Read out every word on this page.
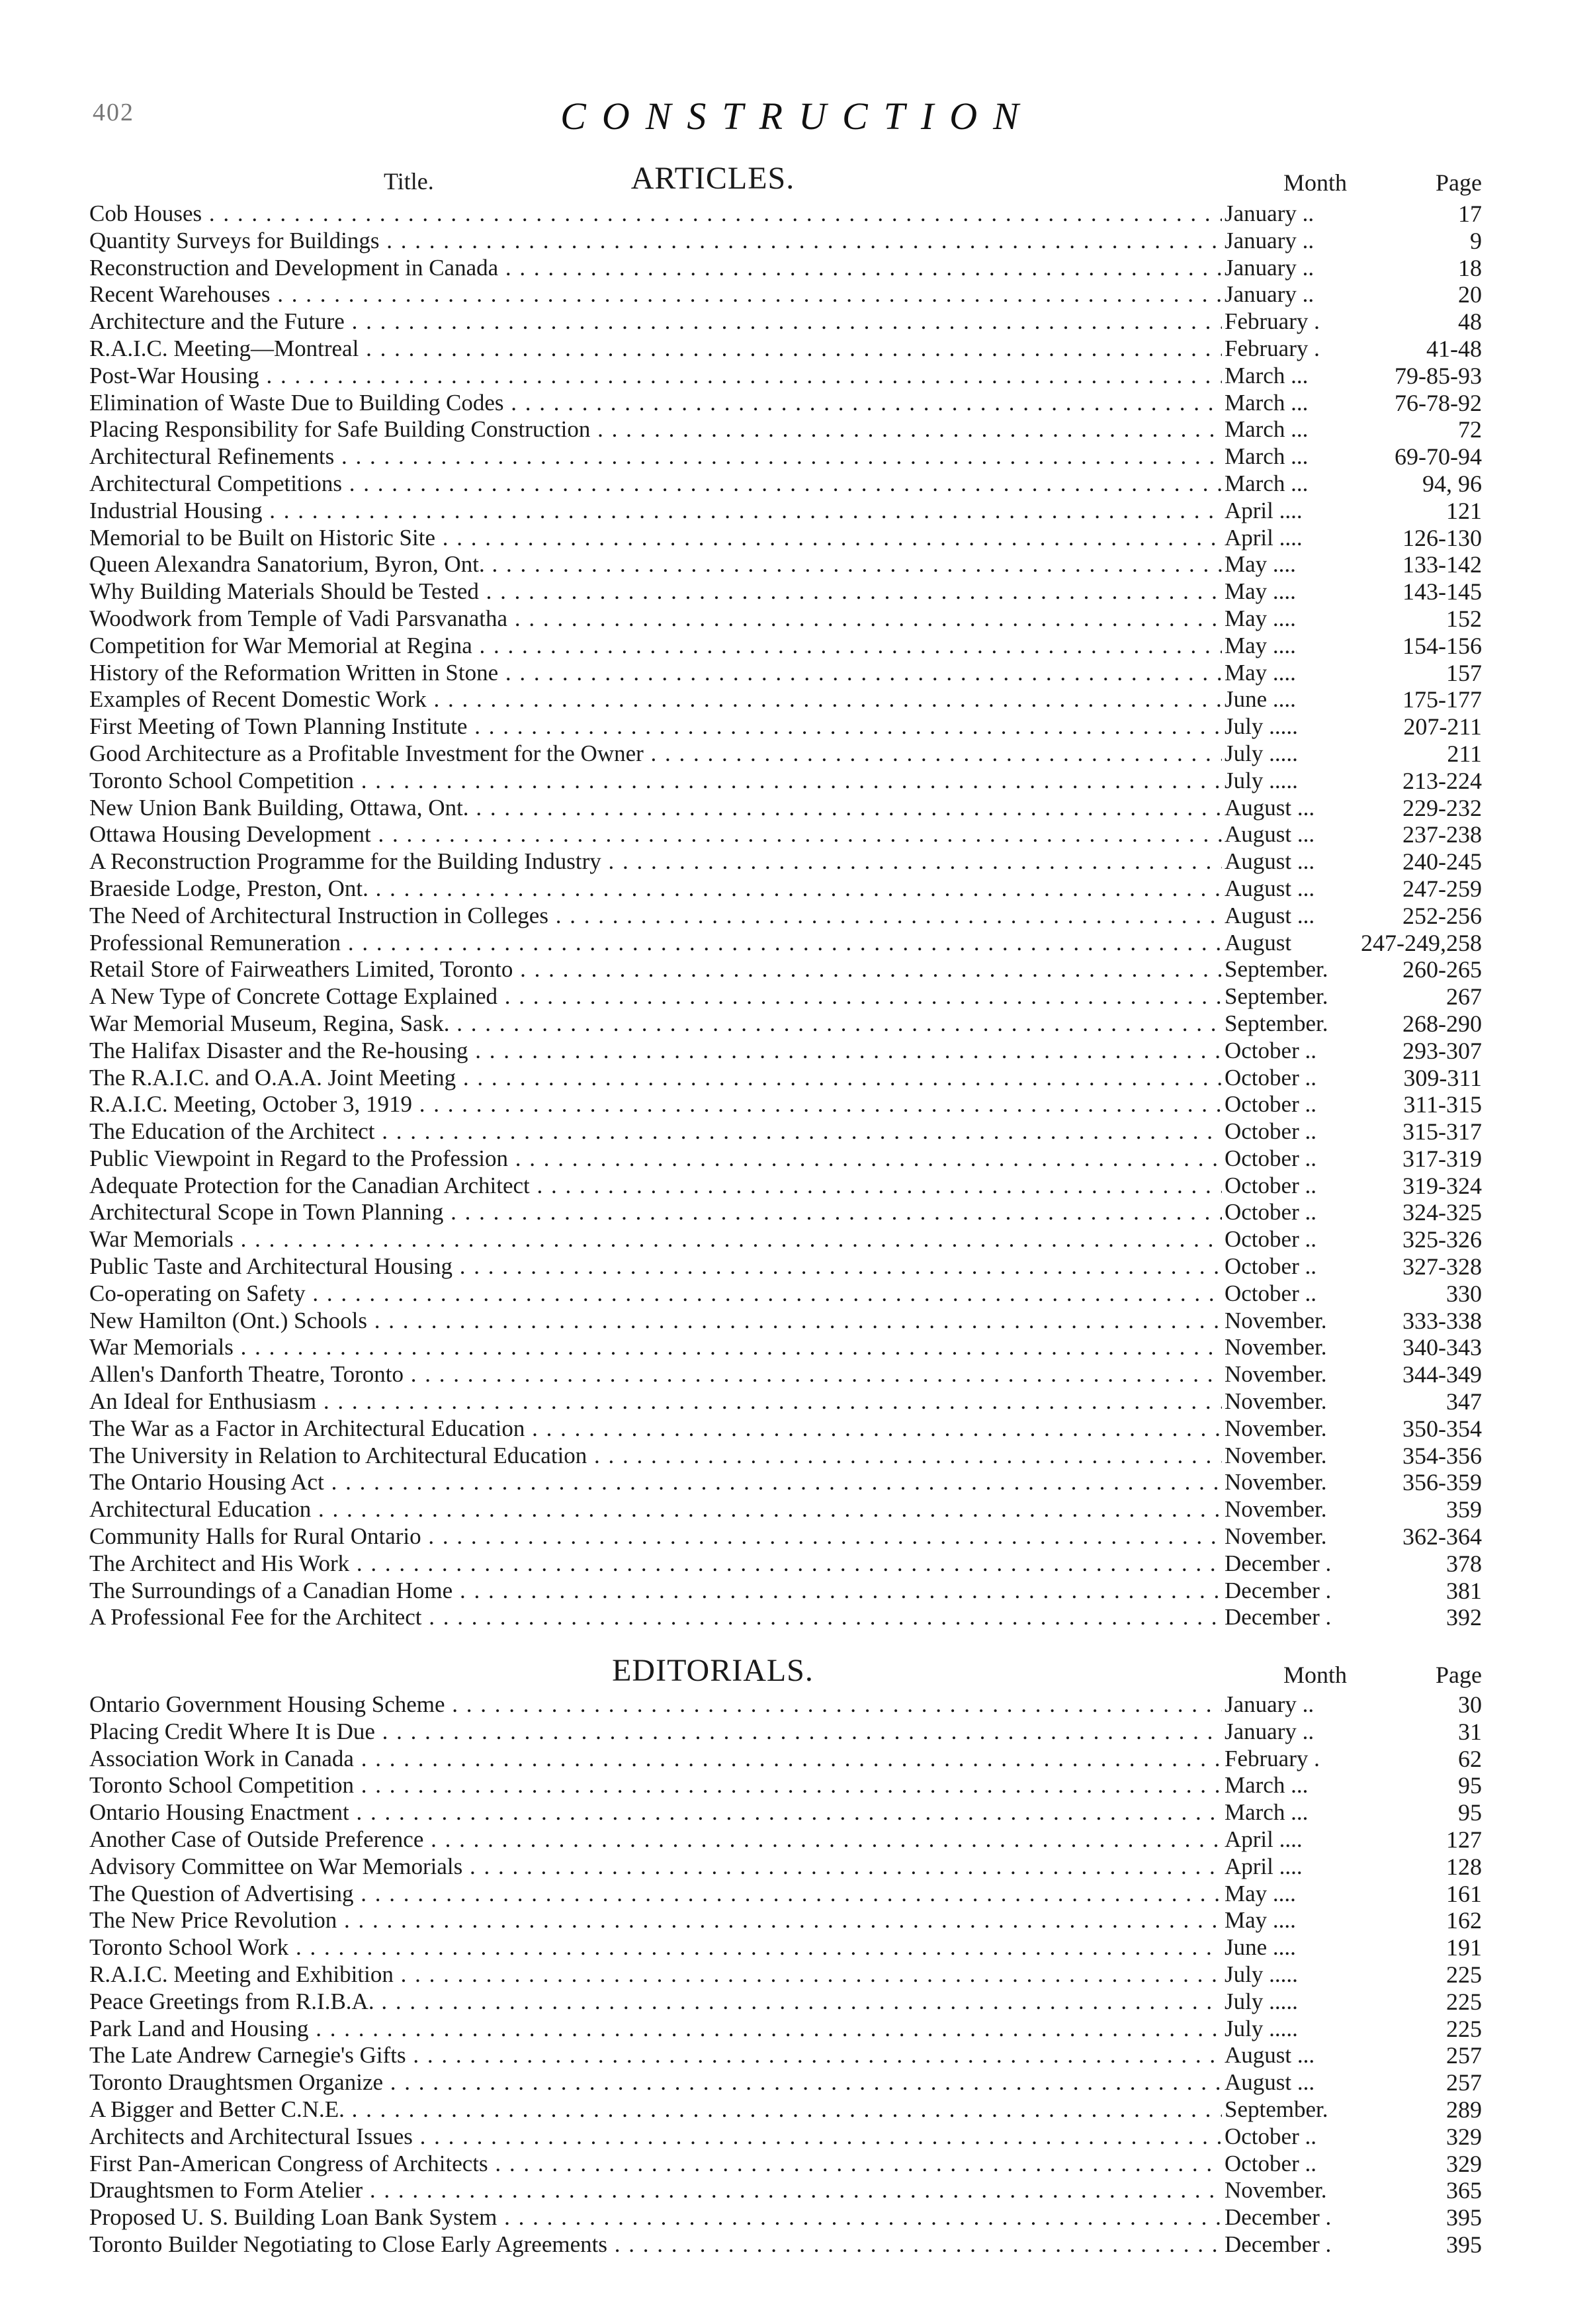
402	CONSTRUCTION
Title.	ARTICLES.	Month	Page
Cob Houses . . .	January ..	17
Quantity Surveys for Buildings . . .	January ..	9
Reconstruction and Development in Canada . . .	January ..	18
Recent Warehouses . . .	January ..	20
Architecture and the Future . . .	February .	48
R.A.I.C. Meeting—Montreal . . .	February .	41-48
Post-War Housing . . .	March ...	79-85-93
Elimination of Waste Due to Building Codes . . .	March ...	76-78-92
Placing Responsibility for Safe Building Construction . . .	March ...	72
Architectural Refinements . . .	March ...	69-70-94
Architectural Competitions . . .	March ...	94, 96
Industrial Housing . . .	April ....	121
Memorial to be Built on Historic Site . . .	April ....	126-130
Queen Alexandra Sanatorium, Byron, Ont. . . .	May ....	133-142
Why Building Materials Should be Tested . . .	May ....	143-145
Woodwork from Temple of Vadi Parsvanatha . . .	May ....	152
Competition for War Memorial at Regina . . .	May ....	154-156
History of the Reformation Written in Stone . . .	May ....	157
Examples of Recent Domestic Work . . .	June ....	175-177
First Meeting of Town Planning Institute . . .	July .....	207-211
Good Architecture as a Profitable Investment for the Owner . . .	July .....	211
Toronto School Competition . . .	July .....	213-224
New Union Bank Building, Ottawa, Ont. . . .	August ...	229-232
Ottawa Housing Development . . .	August ...	237-238
A Reconstruction Programme for the Building Industry . . .	August ...	240-245
Braeside Lodge, Preston, Ont. . . .	August ...	247-259
The Need of Architectural Instruction in Colleges . . .	August ...	252-256
Professional Remuneration . . .	August	247-249,258
Retail Store of Fairweathers Limited, Toronto . . .	September.	260-265
A New Type of Concrete Cottage Explained . . .	September.	267
War Memorial Museum, Regina, Sask. . . .	September.	268-290
The Halifax Disaster and the Re-housing . . .	October ..	293-307
The R.A.I.C. and O.A.A. Joint Meeting . . .	October ..	309-311
R.A.I.C. Meeting, October 3, 1919 . . .	October ..	311-315
The Education of the Architect . . .	October ..	315-317
Public Viewpoint in Regard to the Profession . . .	October ..	317-319
Adequate Protection for the Canadian Architect . . .	October ..	319-324
Architectural Scope in Town Planning . . .	October ..	324-325
War Memorials . . .	October ..	325-326
Public Taste and Architectural Housing . . .	October ..	327-328
Co-operating on Safety . . .	October ..	330
New Hamilton (Ont.) Schools . . .	November.	333-338
War Memorials . . .	November.	340-343
Allen's Danforth Theatre, Toronto . . .	November.	344-349
An Ideal for Enthusiasm . . .	November.	347
The War as a Factor in Architectural Education . . .	November.	350-354
The University in Relation to Architectural Education . . .	November.	354-356
The Ontario Housing Act . . .	November.	356-359
Architectural Education . . .	November.	359
Community Halls for Rural Ontario . . .	November.	362-364
The Architect and His Work . . .	December .	378
The Surroundings of a Canadian Home . . .	December .	381
A Professional Fee for the Architect . . .	December .	392
EDITORIALS.	Month	Page
Ontario Government Housing Scheme . . .	January ..	30
Placing Credit Where It is Due . . .	January ..	31
Association Work in Canada . . .	February .	62
Toronto School Competition . . .	March ...	95
Ontario Housing Enactment . . .	March ...	95
Another Case of Outside Preference . . .	April ....	127
Advisory Committee on War Memorials . . .	April ....	128
The Question of Advertising . . .	May ....	161
The New Price Revolution . . .	May ....	162
Toronto School Work . . .	June ....	191
R.A.I.C. Meeting and Exhibition . . .	July .....	225
Peace Greetings from R.I.B.A. . . .	July .....	225
Park Land and Housing . . .	July .....	225
The Late Andrew Carnegie's Gifts . . .	August ...	257
Toronto Draughtsmen Organize . . .	August ...	257
A Bigger and Better C.N.E. . . .	September.	289
Architects and Architectural Issues . . .	October ..	329
First Pan-American Congress of Architects . . .	October ..	329
Draughtsmen to Form Atelier . . .	November.	365
Proposed U. S. Building Loan Bank System . . .	December .	395
Toronto Builder Negotiating to Close Early Agreements . . .	December .	395
